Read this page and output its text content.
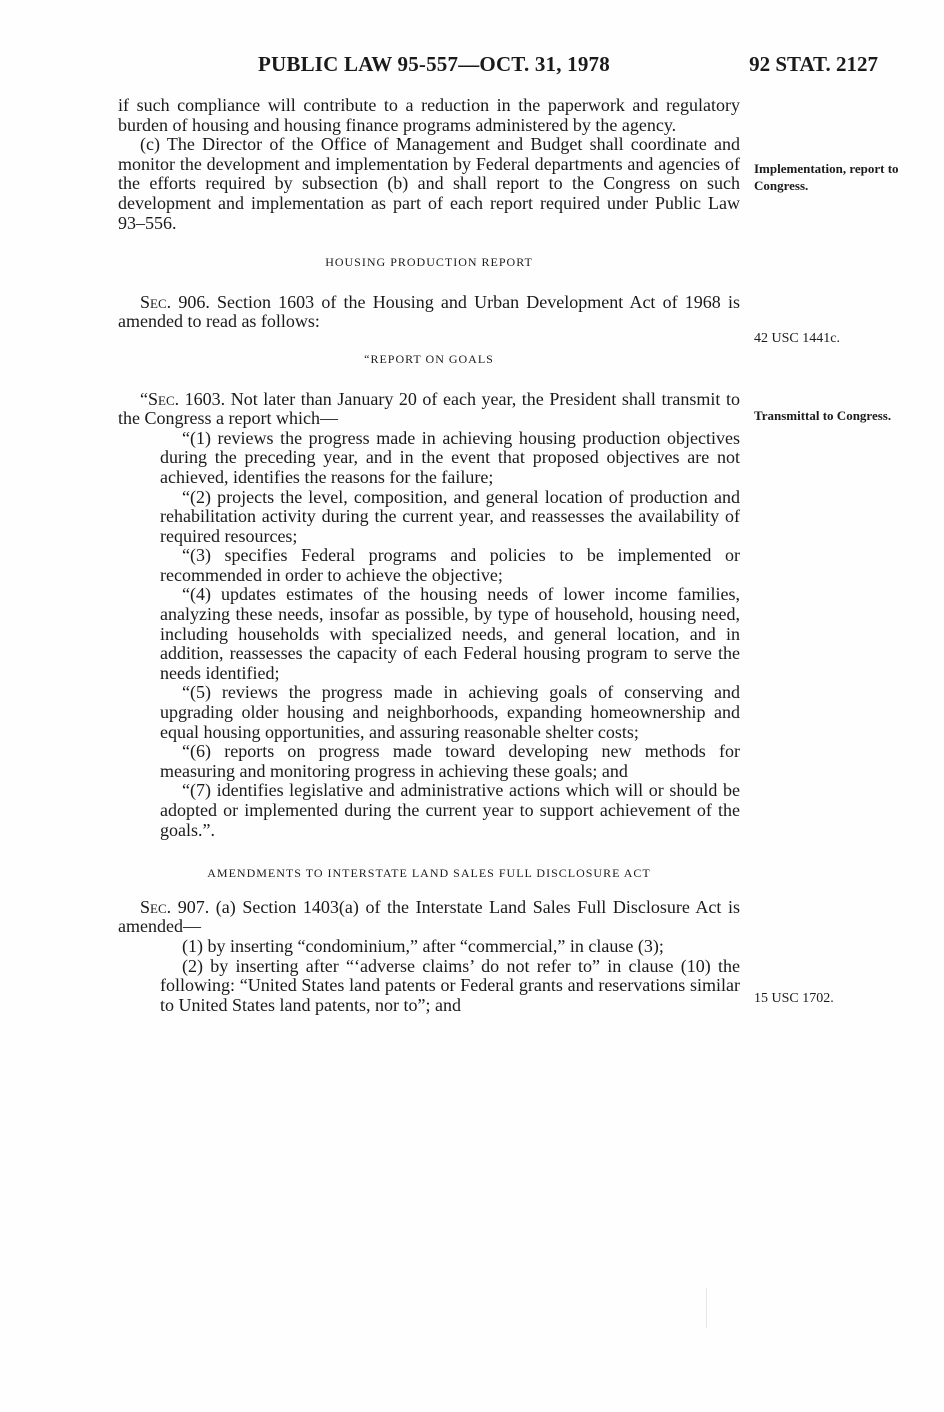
PUBLIC LAW 95-557—OCT. 31, 1978	92 STAT. 2127

if such compliance will contribute to a reduction in the paperwork and regulatory burden of housing and housing finance programs administered by the agency.

(c) The Director of the Office of Management and Budget shall coordinate and monitor the development and implementation by Federal departments and agencies of the efforts required by subsection (b) and shall report to the Congress on such development and implementation as part of each report required under Public Law 93–556.

HOUSING PRODUCTION REPORT

Sec. 906. Section 1603 of the Housing and Urban Development Act of 1968 is amended to read as follows:

“REPORT ON GOALS

“Sec. 1603. Not later than January 20 of each year, the President shall transmit to the Congress a report which—

“(1) reviews the progress made in achieving housing production objectives during the preceding year, and in the event that proposed objectives are not achieved, identifies the reasons for the failure;

“(2) projects the level, composition, and general location of production and rehabilitation activity during the current year, and reassesses the availability of required resources;

“(3) specifies Federal programs and policies to be implemented or recommended in order to achieve the objective;

“(4) updates estimates of the housing needs of lower income families, analyzing these needs, insofar as possible, by type of household, housing need, including households with specialized needs, and general location, and in addition, reassesses the capacity of each Federal housing program to serve the needs identified;

“(5) reviews the progress made in achieving goals of conserving and upgrading older housing and neighborhoods, expanding homeownership and equal housing opportunities, and assuring reasonable shelter costs;

“(6) reports on progress made toward developing new methods for measuring and monitoring progress in achieving these goals; and

“(7) identifies legislative and administrative actions which will or should be adopted or implemented during the current year to support achievement of the goals.”.

AMENDMENTS TO INTERSTATE LAND SALES FULL DISCLOSURE ACT

Sec. 907. (a) Section 1403(a) of the Interstate Land Sales Full Disclosure Act is amended—

(1) by inserting “condominium,” after “commercial,” in clause (3);

(2) by inserting after “‘adverse claims’ do not refer to” in clause (10) the following: “United States land patents or Federal grants and reservations similar to United States land patents, nor to”; and

Implementation, report to Congress.
42 USC 1441c.
Transmittal to Congress.
15 USC 1702.
